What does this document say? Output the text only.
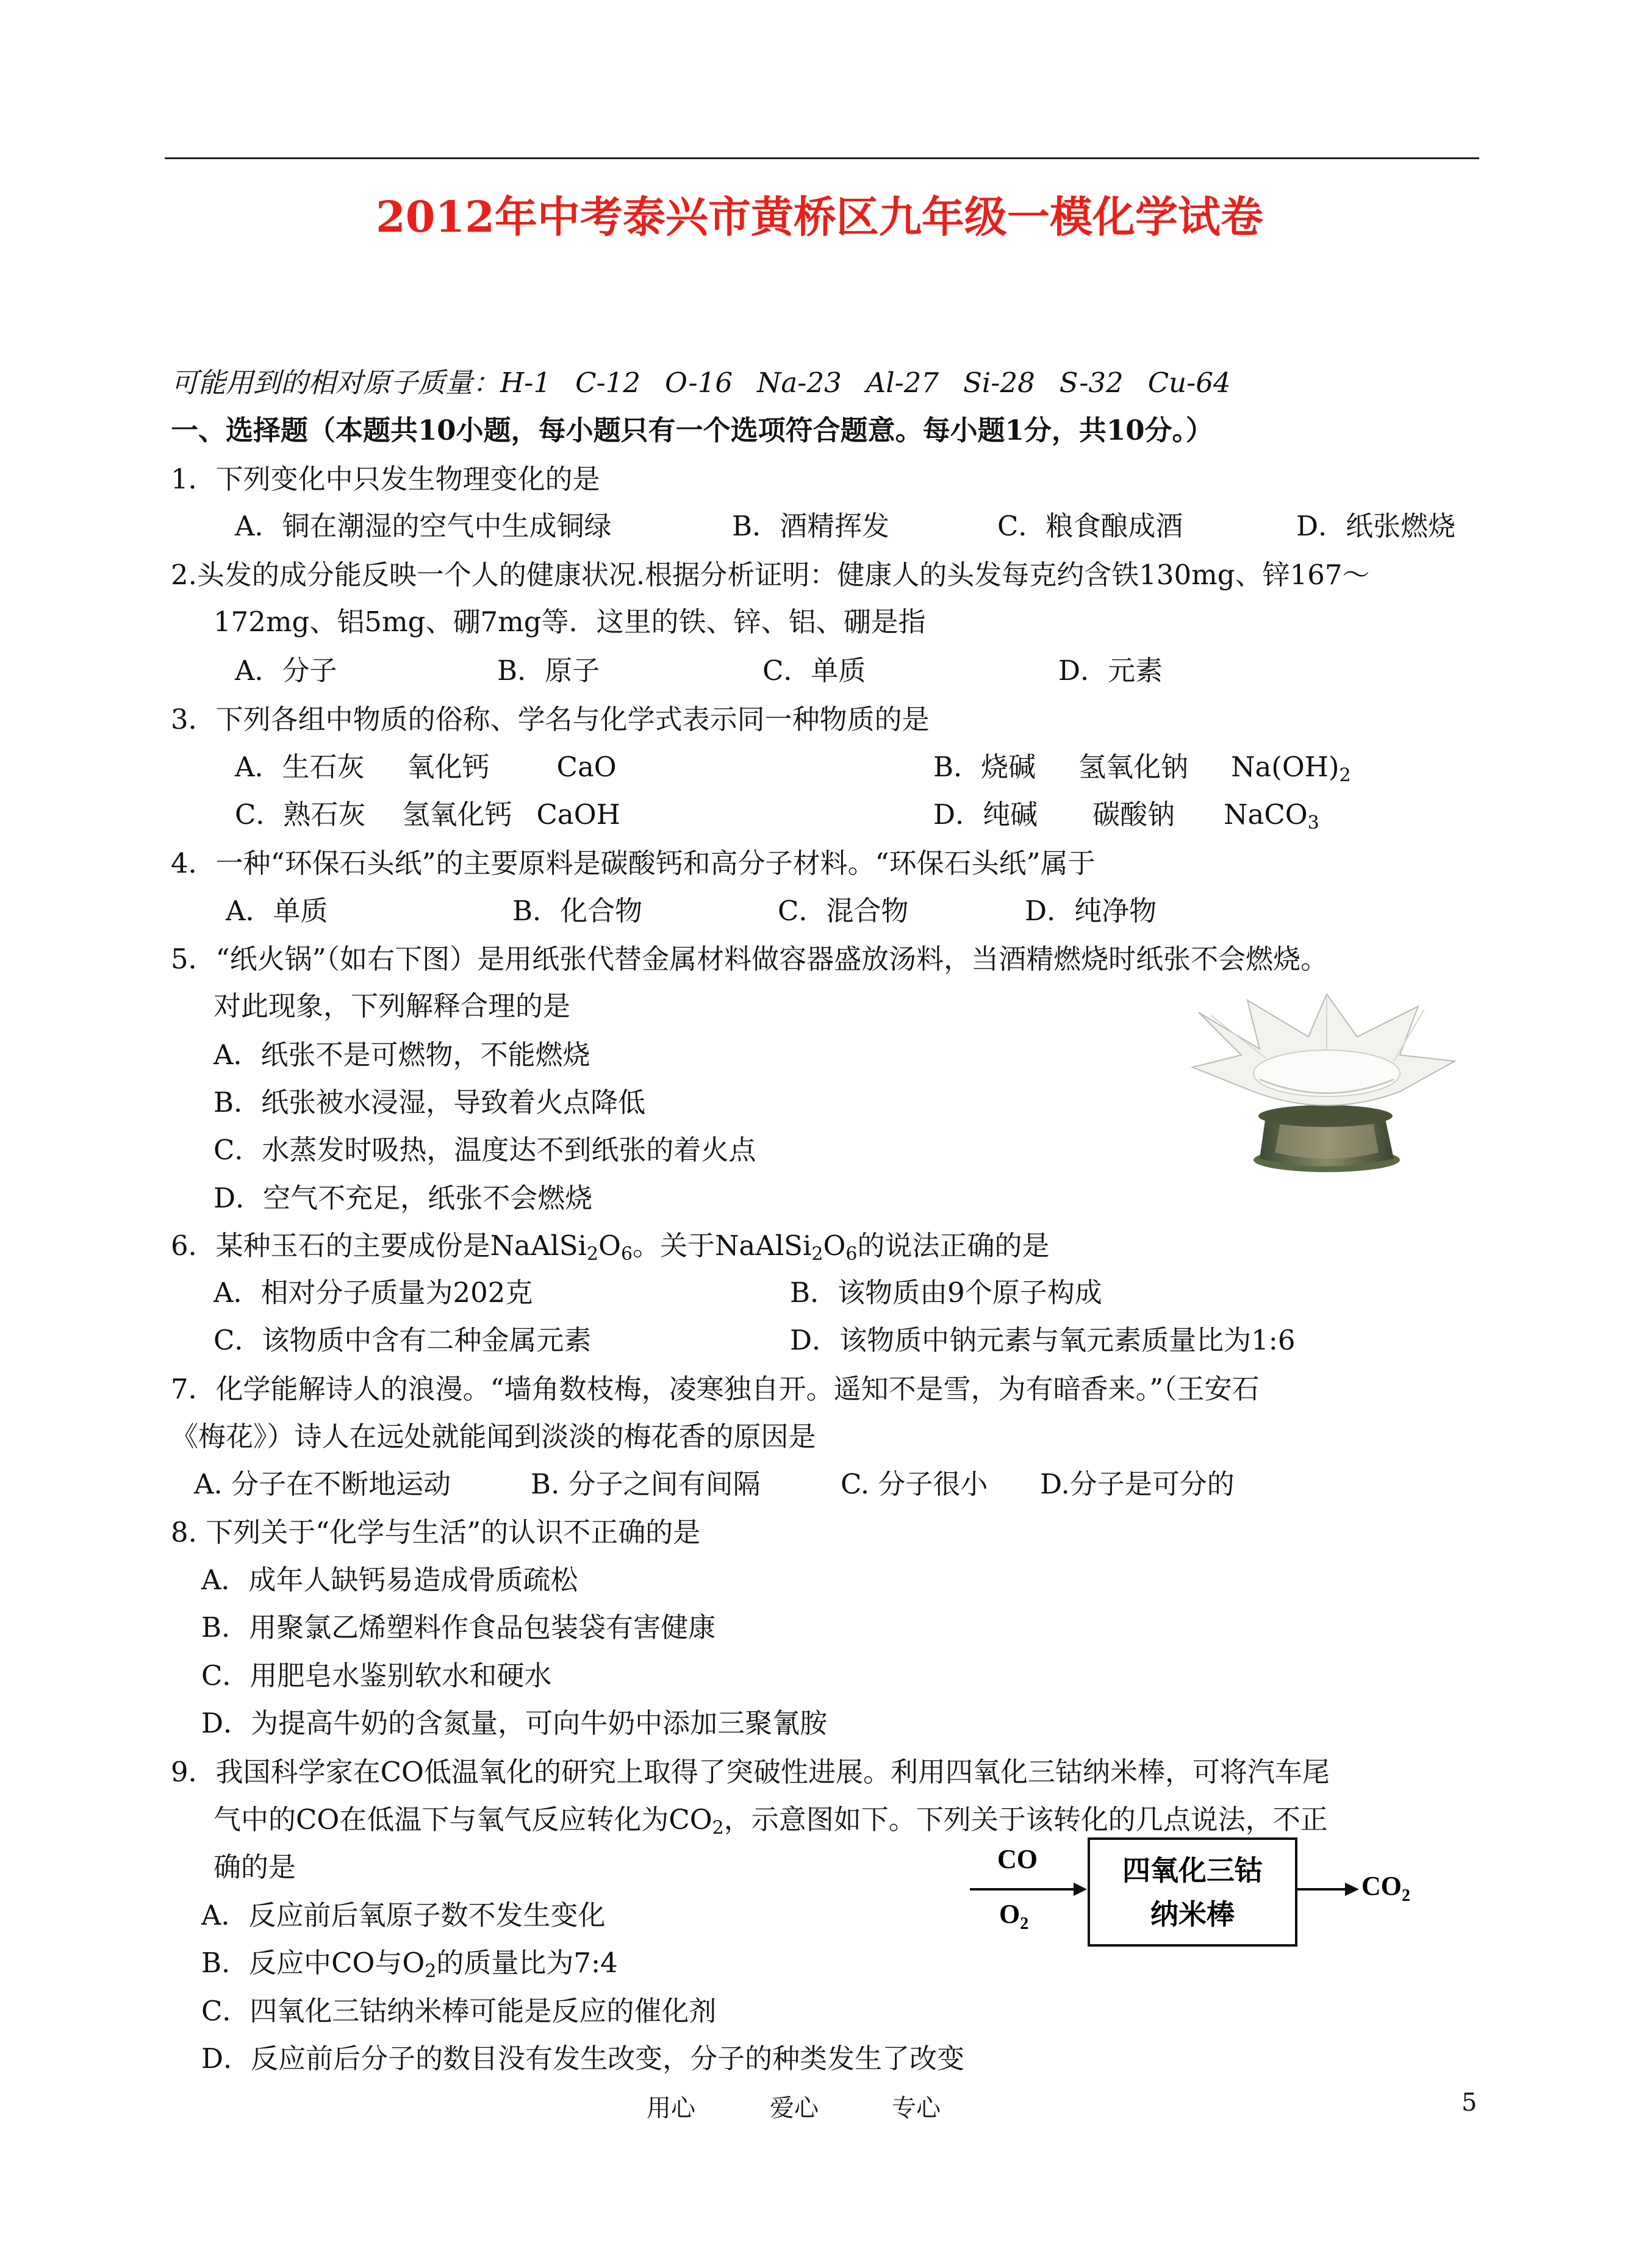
2012年中考泰兴市黄桥区九年级一模化学试卷
可能用到的相对原子质量：H-1 C-12 O-16 Na-23 Al-27 Si-28 S-32 Cu-64
一、选择题（本题共10小题，每小题只有一个选项符合题意。每小题1分，共10分。）
1．下列变化中只发生物理变化的是
A．铜在潮湿的空气中生成铜绿	B．酒精挥发	C．粮食酿成酒	D．纸张燃烧
2.头发的成分能反映一个人的健康状况.根据分析证明：健康人的头发每克约含铁130mg、锌167～
172mg、铝5mg、硼7mg等．这里的铁、锌、铝、硼是指
A．分子	B．原子	C．单质	D．元素
3．下列各组中物质的俗称、学名与化学式表示同一种物质的是
A．生石灰 氧化钙 CaO	B．烧碱 氢氧化钠 $Na(OH)_2$
C．熟石灰 氢氧化钙 CaOH	D．纯碱 碳酸钠 NaCO$_3$
4．一种“环保石头纸”的主要原料是碳酸钙和高分子材料。“环保石头纸”属于
A．单质	B．化合物	C．混合物	D．纯净物
5．“纸火锅”（如右下图）是用纸张代替金属材料做容器盛放汤料，当酒精燃烧时纸张不会燃烧。
对此现象，下列解释合理的是
A．纸张不是可燃物，不能燃烧
B．纸张被水浸湿，导致着火点降低
C．水蒸发时吸热，温度达不到纸张的着火点
D．空气不充足，纸张不会燃烧
6．某种玉石的主要成份是$NaAlSi_2O_6$。关于$NaAlSi_2O_6$的说法正确的是
A．相对分子质量为202克	B．该物质由9个原子构成
C．该物质中含有二种金属元素	D．该物质中钠元素与氧元素质量比为1:6
7．化学能解诗人的浪漫。“墙角数枝梅，凌寒独自开。遥知不是雪，为有暗香来。”（王安石
《梅花》）诗人在远处就能闻到淡淡的梅花香的原因是
A. 分子在不断地运动	B. 分子之间有间隔	C. 分子很小 D.分子是可分的
8. 下列关于“化学与生活”的认识不正确的是
A．成年人缺钙易造成骨质疏松
B．用聚氯乙烯塑料作食品包装袋有害健康
C．用肥皂水鉴别软水和硬水
D．为提高牛奶的含氮量，可向牛奶中添加三聚氰胺
9．我国科学家在CO低温氧化的研究上取得了突破性进展。利用四氧化三钴纳米棒，可将汽车尾
气中的CO在低温下与氧气反应转化为$CO_2$，示意图如下。下列关于该转化的几点说法，不正
确的是
A．反应前后氧原子数不发生变化
B．反应中CO与$O_2$的质量比为7:4
C．四氧化三钴纳米棒可能是反应的催化剂
D．反应前后分子的数目没有发生改变，分子的种类发生了改变
CO
$O_2$
四氧化三钴
纳米棒
$CO_2$
用心	爱心	专心	5
